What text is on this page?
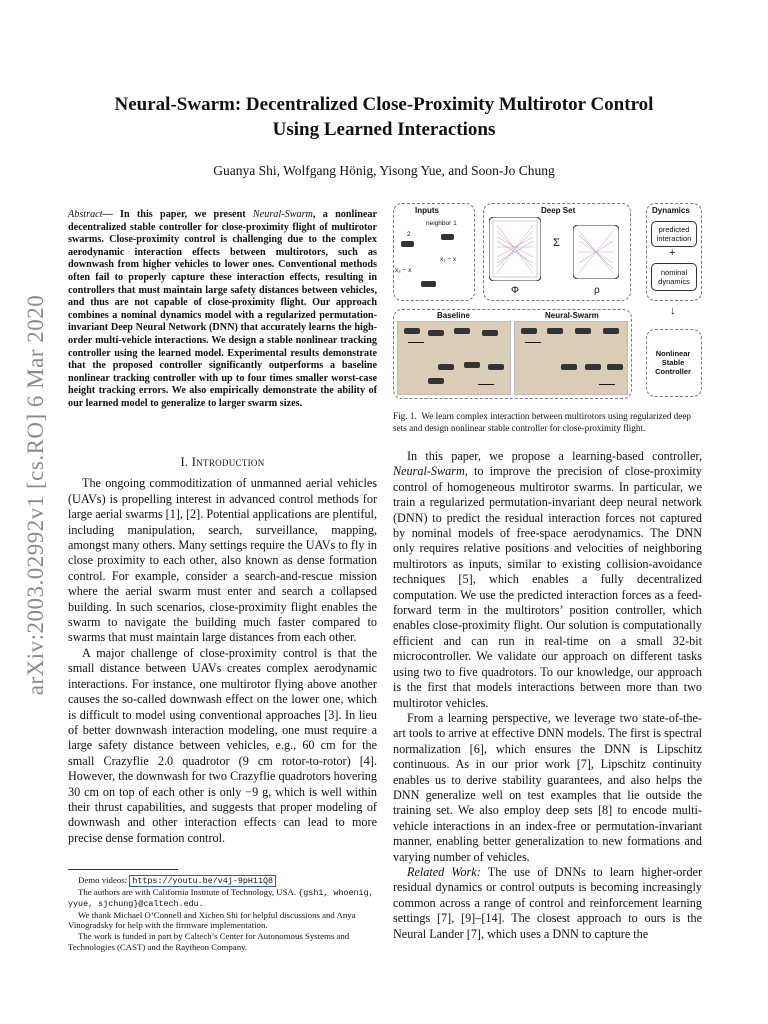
arXiv:2003.02992v1 [cs.RO] 6 Mar 2020
Neural-Swarm: Decentralized Close-Proximity Multirotor Control
Using Learned Interactions
Guanya Shi, Wolfgang Hönig, Yisong Yue, and Soon-Jo Chung
Abstract— In this paper, we present Neural-Swarm, a nonlinear decentralized stable controller for close-proximity flight of multirotor swarms. Close-proximity control is challenging due to the complex aerodynamic interaction effects between multirotors, such as downwash from higher vehicles to lower ones. Conventional methods often fail to properly capture these interaction effects, resulting in controllers that must maintain large safety distances between vehicles, and thus are not capable of close-proximity flight. Our approach combines a nominal dynamics model with a regularized permutation-invariant Deep Neural Network (DNN) that accurately learns the high-order multi-vehicle interactions. We design a stable nonlinear tracking controller using the learned model. Experimental results demonstrate that the proposed controller significantly outperforms a baseline nonlinear tracking controller with up to four times smaller worst-case height tracking errors. We also empirically demonstrate the ability of our learned model to generalize to larger swarm sizes.
I. Introduction

The ongoing commoditization of unmanned aerial vehicles (UAVs) is propelling interest in advanced control methods for large aerial swarms [1], [2]. Potential applications are plentiful, including manipulation, search, surveillance, mapping, amongst many others. Many settings require the UAVs to fly in close proximity to each other, also known as dense formation control. For example, consider a search-and-rescue mission where the aerial swarm must enter and search a collapsed building. In such scenarios, close-proximity flight enables the swarm to navigate the building much faster compared to swarms that must maintain large distances from each other.

A major challenge of close-proximity control is that the small distance between UAVs creates complex aerodynamic interactions. For instance, one multirotor flying above another causes the so-called downwash effect on the lower one, which is difficult to model using conventional approaches [3]. In lieu of better downwash interaction modeling, one must require a large safety distance between vehicles, e.g., 60 cm for the small Crazyflie 2.0 quadrotor (9 cm rotor-to-rotor) [4]. However, the downwash for two Crazyflie quadrotors hovering 30 cm on top of each other is only −9 g, which is well within their thrust capabilities, and suggests that proper modeling of downwash and other interaction effects can lead to more precise dense formation control.

Demo videos: https://youtu.be/v4j-9pH11Q8

The authors are with California Institute of Technology, USA. {gshi, whoenig, yyue, sjchung}@caltech.edu.

We thank Michael O’Connell and Xichen Shi for helpful discussions and Anya Vinogradsky for help with the firmware implementation.

The work is funded in part by Caltech’s Center for Autonomous Systems and Technologies (CAST) and the Raytheon Company.

Inputs
neighbor 1
2
x₁ − x
x₂ − x
Deep Set
Σ
Φ	ρ
Dynamics
predicted interaction
+
nominal dynamics
Baseline	Neural-Swarm
Nonlinear Stable Controller
↓
Fig. 1. We learn complex interaction between multirotors using regularized deep sets and design nonlinear stable controller for close-proximity flight.

In this paper, we propose a learning-based controller, Neural-Swarm, to improve the precision of close-proximity control of homogeneous multirotor swarms. In particular, we train a regularized permutation-invariant deep neural network (DNN) to predict the residual interaction forces not captured by nominal models of free-space aerodynamics. The DNN only requires relative positions and velocities of neighboring multirotors as inputs, similar to existing collision-avoidance techniques [5], which enables a fully decentralized computation. We use the predicted interaction forces as a feed-forward term in the multirotors’ position controller, which enables close-proximity flight. Our solution is computationally efficient and can run in real-time on a small 32-bit microcontroller. We validate our approach on different tasks using two to five quadrotors. To our knowledge, our approach is the first that models interactions between more than two multirotor vehicles.

From a learning perspective, we leverage two state-of-the-art tools to arrive at effective DNN models. The first is spectral normalization [6], which ensures the DNN is Lipschitz continuous. As in our prior work [7], Lipschitz continuity enables us to derive stability guarantees, and also helps the DNN generalize well on test examples that lie outside the training set. We also employ deep sets [8] to encode multi-vehicle interactions in an index-free or permutation-invariant manner, enabling better generalization to new formations and varying number of vehicles.

Related Work: The use of DNNs to learn higher-order residual dynamics or control outputs is becoming increasingly common across a range of control and reinforcement learning settings [7], [9]–[14]. The closest approach to ours is the Neural Lander [7], which uses a DNN to capture the
